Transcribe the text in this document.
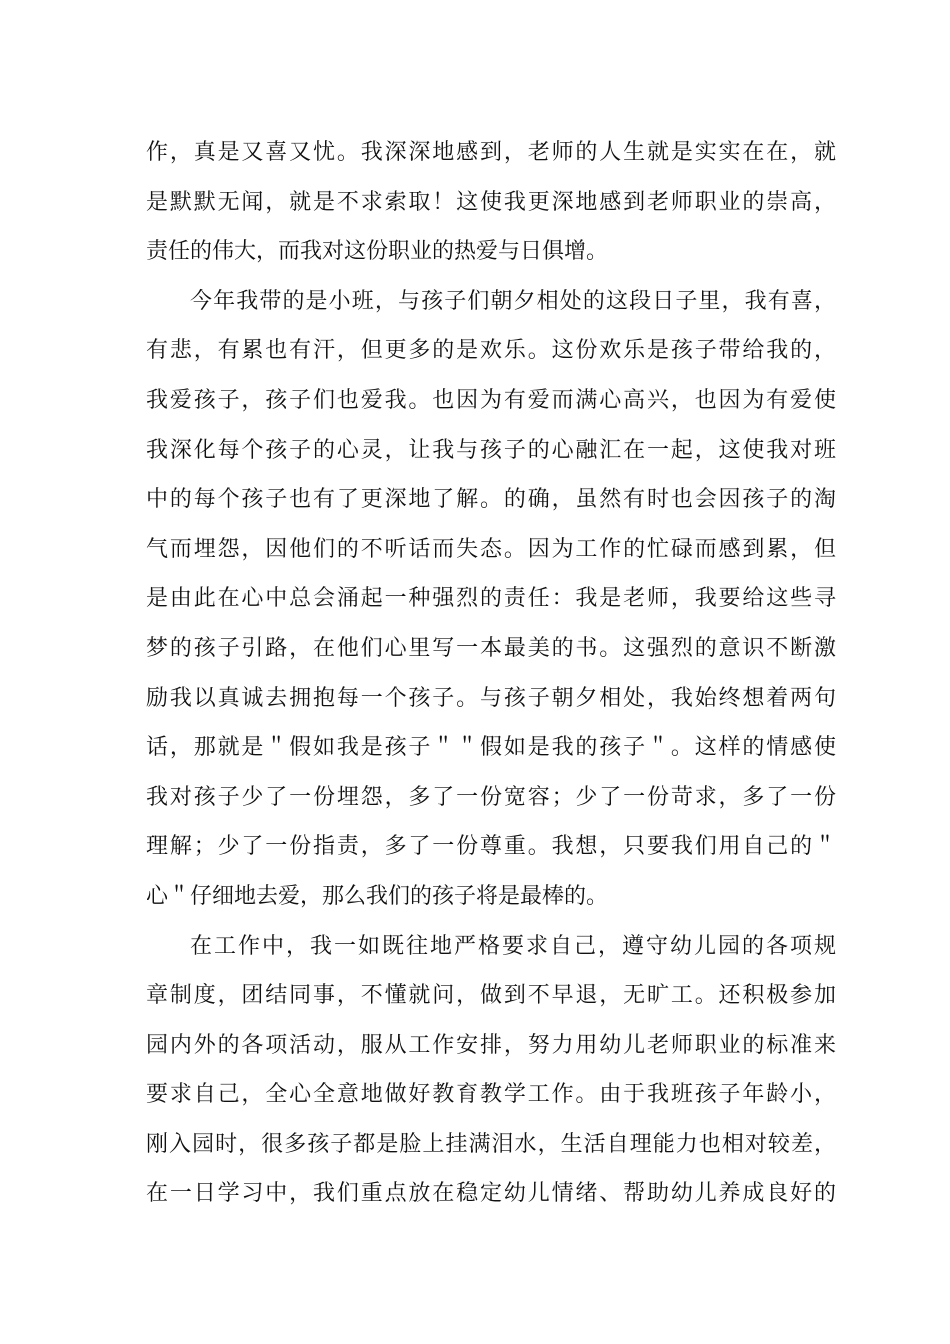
作，真是又喜又忧。我深深地感到，老师的人生就是实实在在，就
是默默无闻，就是不求索取！这使我更深地感到老师职业的崇高，
责任的伟大，而我对这份职业的热爱与日俱增。
今年我带的是小班，与孩子们朝夕相处的这段日子里，我有喜，
有悲，有累也有汗，但更多的是欢乐。这份欢乐是孩子带给我的，
我爱孩子，孩子们也爱我。也因为有爱而满心高兴，也因为有爱使
我深化每个孩子的心灵，让我与孩子的心融汇在一起，这使我对班
中的每个孩子也有了更深地了解。的确，虽然有时也会因孩子的淘
气而埋怨，因他们的不听话而失态。因为工作的忙碌而感到累，但
是由此在心中总会涌起一种强烈的责任：我是老师，我要给这些寻
梦的孩子引路，在他们心里写一本最美的书。这强烈的意识不断激
励我以真诚去拥抱每一个孩子。与孩子朝夕相处，我始终想着两句
话，那就是＂假如我是孩子＂＂假如是我的孩子＂。这样的情感使
我对孩子少了一份埋怨，多了一份宽容；少了一份苛求，多了一份
理解；少了一份指责，多了一份尊重。我想，只要我们用自己的＂
心＂仔细地去爱，那么我们的孩子将是最棒的。
在工作中，我一如既往地严格要求自己，遵守幼儿园的各项规
章制度，团结同事，不懂就问，做到不早退，无旷工。还积极参加
园内外的各项活动，服从工作安排，努力用幼儿老师职业的标准来
要求自己，全心全意地做好教育教学工作。由于我班孩子年龄小，
刚入园时，很多孩子都是脸上挂满泪水，生活自理能力也相对较差，
在一日学习中，我们重点放在稳定幼儿情绪、帮助幼儿养成良好的
